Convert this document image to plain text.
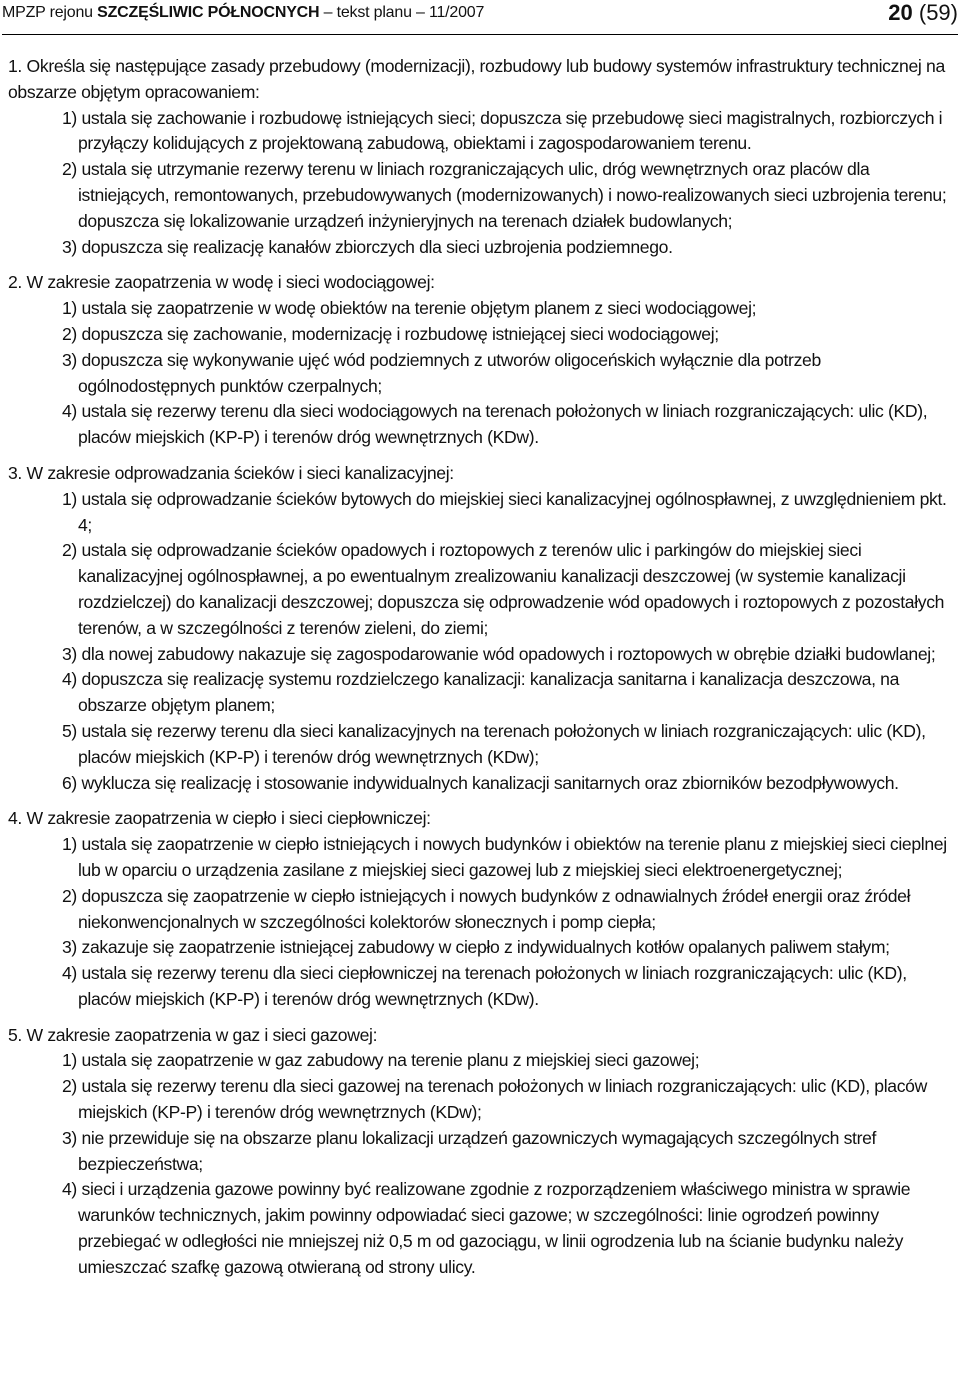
MPZP rejonu SZCZĘŚLIWIC PÓŁNOCNYCH – tekst planu – 11/2007	20 (59)
1. Określa się następujące zasady przebudowy (modernizacji), rozbudowy lub budowy systemów infrastruktury technicznej na obszarze objętym opracowaniem:
1) ustala się zachowanie i rozbudowę istniejących sieci; dopuszcza się przebudowę sieci magistralnych, rozbiorczych i przyłączy kolidujących z projektowaną zabudową, obiektami i zagospodarowaniem terenu.
2) ustala się utrzymanie rezerwy terenu w liniach rozgraniczających ulic, dróg wewnętrznych oraz placów dla istniejących, remontowanych, przebudowywanych (modernizowanych) i nowo-realizowanych sieci uzbrojenia terenu; dopuszcza się lokalizowanie urządzeń inżynieryjnych na terenach działek budowlanych;
3) dopuszcza się realizację kanałów zbiorczych dla sieci uzbrojenia podziemnego.
2. W zakresie zaopatrzenia w wodę i sieci wodociągowej:
1) ustala się zaopatrzenie w wodę obiektów na terenie objętym planem z sieci wodociągowej;
2) dopuszcza się zachowanie, modernizację i rozbudowę istniejącej sieci wodociągowej;
3) dopuszcza się wykonywanie ujęć wód podziemnych z utworów oligoceńskich wyłącznie dla potrzeb ogólnodostępnych punktów czerpalnych;
4) ustala się rezerwy terenu dla sieci wodociągowych na terenach położonych w liniach rozgraniczających: ulic (KD), placów miejskich (KP-P) i terenów dróg wewnętrznych (KDw).
3. W zakresie odprowadzania ścieków i sieci kanalizacyjnej:
1) ustala się odprowadzanie ścieków bytowych do miejskiej sieci kanalizacyjnej ogólnospławnej, z uwzględnieniem pkt. 4;
2) ustala się odprowadzanie ścieków opadowych i roztopowych z terenów ulic i parkingów do miejskiej sieci kanalizacyjnej ogólnospławnej, a po ewentualnym zrealizowaniu kanalizacji deszczowej (w systemie kanalizacji rozdzielczej) do kanalizacji deszczowej; dopuszcza się odprowadzenie wód opadowych i roztopowych z pozostałych terenów, a w szczególności z terenów zieleni, do ziemi;
3) dla nowej zabudowy nakazuje się zagospodarowanie wód opadowych i roztopowych w obrębie działki budowlanej;
4) dopuszcza się realizację systemu rozdzielczego kanalizacji: kanalizacja sanitarna i kanalizacja deszczowa, na obszarze objętym planem;
5) ustala się rezerwy terenu dla sieci kanalizacyjnych na terenach położonych w liniach rozgraniczających: ulic (KD), placów miejskich (KP-P) i terenów dróg wewnętrznych (KDw);
6) wyklucza się realizację i stosowanie indywidualnych kanalizacji sanitarnych oraz zbiorników bezodpływowych.
4. W zakresie zaopatrzenia w ciepło i sieci ciepłowniczej:
1) ustala się zaopatrzenie w ciepło istniejących i nowych budynków i obiektów na terenie planu z miejskiej sieci cieplnej lub w oparciu o urządzenia zasilane z miejskiej sieci gazowej lub z miejskiej sieci elektroenergetycznej;
2) dopuszcza się zaopatrzenie w ciepło istniejących i nowych budynków z odnawialnych źródeł energii oraz źródeł niekonwencjonalnych w szczególności kolektorów słonecznych i pomp ciepła;
3) zakazuje się zaopatrzenie istniejącej zabudowy w ciepło z indywidualnych kotłów opalanych paliwem stałym;
4) ustala się rezerwy terenu dla sieci ciepłowniczej na terenach położonych w liniach rozgraniczających: ulic (KD), placów miejskich (KP-P) i terenów dróg wewnętrznych (KDw).
5. W zakresie zaopatrzenia w gaz i sieci gazowej:
1) ustala się zaopatrzenie w gaz zabudowy na terenie planu z miejskiej sieci gazowej;
2) ustala się rezerwy terenu dla sieci gazowej na terenach położonych w liniach rozgraniczających: ulic (KD), placów miejskich (KP-P) i terenów dróg wewnętrznych (KDw);
3) nie przewiduje się na obszarze planu lokalizacji urządzeń gazowniczych wymagających szczególnych stref bezpieczeństwa;
4) sieci i urządzenia gazowe powinny być realizowane zgodnie z rozporządzeniem właściwego ministra w sprawie warunków technicznych, jakim powinny odpowiadać sieci gazowe; w szczególności: linie ogrodzeń powinny przebiegać w odległości nie mniejszej niż 0,5 m od gazociągu, w linii ogrodzenia lub na ścianie budynku należy umieszczać szafkę gazową otwieraną od strony ulicy.
